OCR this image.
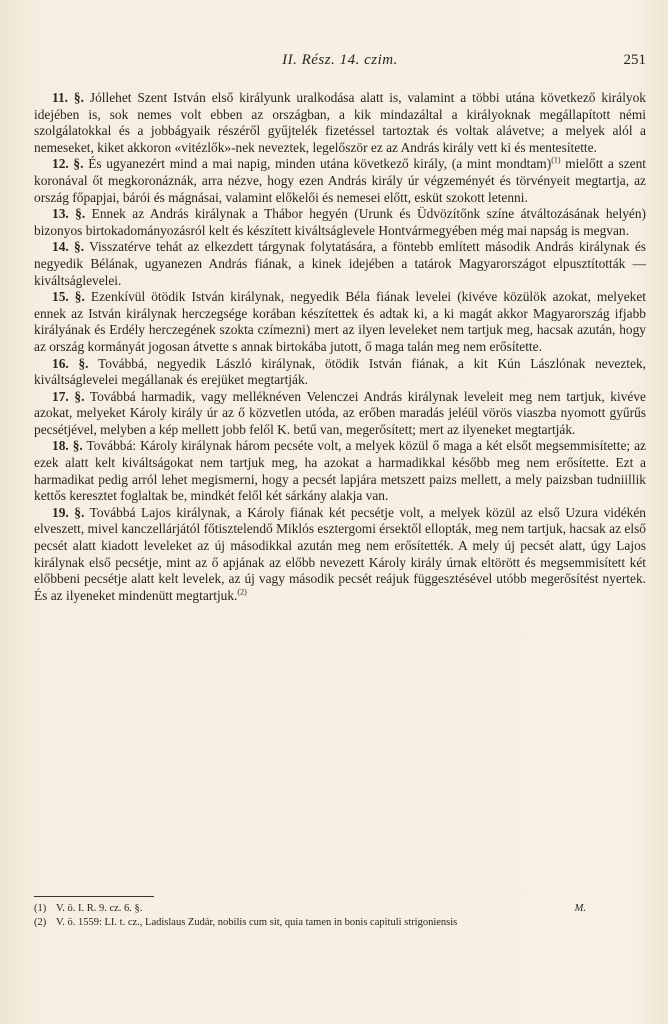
II. Rész. 14. czim.	251

11. §. Jóllehet Szent István első királyunk uralkodása alatt is, valamint a többi utána következő királyok idejében is, sok nemes volt ebben az országban, a kik mindazáltal a királyoknak megállapított némi szolgálatokkal és a jobbágyaik részéről gyűjtelék fizetéssel tartoztak és voltak alávetve; a melyek alól a nemeseket, kiket akkoron «vitézlők»-nek neveztek, legelőször ez az András király vett ki és mentesítette.

12. §. És ugyanezért mind a mai napig, minden utána következő király, (a mint mondtam)$^{(1)}$ mielőtt a szent koronával őt megkoronáznák, arra nézve, hogy ezen András király úr végzeményét és törvényeit megtartja, az ország főpapjai, bárói és mágnásai, valamint előkelői és nemesei előtt, esküt szokott letenni.

13. §. Ennek az András királynak a Thábor hegyén (Urunk és Üdvözítőnk színe átváltozásának helyén) bizonyos birtokadományozásról kelt és készített kiváltságlevele Hontvármegyében még mai napság is megvan.

14. §. Visszatérve tehát az elkezdett tárgynak folytatására, a föntebb említett második András királynak és negyedik Bélának, ugyanezen András fiának, a kinek idejében a tatárok Magyarországot elpusztították — kiváltságlevelei.

15. §. Ezenkívül ötödik István királynak, negyedik Béla fiának levelei (kivéve közülök azokat, melyeket ennek az István királynak herczegsége korában készítettek és adtak ki, a ki magát akkor Magyarország ifjabb királyának és Erdély herczegének szokta czímezni) mert az ilyen leveleket nem tartjuk meg, hacsak azután, hogy az ország kormányát jogosan átvette s annak birtokába jutott, ő maga talán meg nem erősítette.

16. §. Továbbá, negyedik László királynak, ötödik István fiának, a kit Kún Lászlónak neveztek, kiváltságlevelei megállanak és erejüket megtartják.

17. §. Továbbá harmadik, vagy melléknéven Velenczei András királynak leveleit meg nem tartjuk, kivéve azokat, melyeket Károly király úr az ő közvetlen utóda, az erőben maradás jeléül vörös viaszba nyomott gyűrűs pecsétjével, melyben a kép mellett jobb felől K. betű van, megerősített; mert az ilyeneket megtartják.

18. §. Továbbá: Károly királynak három pecséte volt, a melyek közül ő maga a két elsőt megsemmisítette; az ezek alatt kelt kiváltságokat nem tartjuk meg, ha azokat a harmadikkal később meg nem erősítette. Ezt a harmadikat pedig arról lehet megismerni, hogy a pecsét lapjára metszett paizs mellett, a mely paizsban tudniillik kettős keresztet foglaltak be, mindkét felől két sárkány alakja van.

19. §. Továbbá Lajos királynak, a Károly fiának két pecsétje volt, a melyek közül az első Uzura vidékén elveszett, mivel kanczellárjától főtisztelendő Miklós esztergomi érsektől ellopták, meg nem tartjuk, hacsak az első pecsét alatt kiadott leveleket az új másodikkal azután meg nem erősítették. A mely új pecsét alatt, úgy Lajos királynak első pecsétje, mint az ő apjának az előbb nevezett Károly király úrnak eltörött és megsemmisített két előbbeni pecsétje alatt kelt levelek, az új vagy második pecsét reájuk függesztésével utóbb megerősítést nyertek. És az ilyeneket mindenütt megtartjuk.$^{(2)}$

(1) V. ö. I. R. 9. cz. 6. §.	M.
(2) V. ö. 1559: LI. t. cz., Ladislaus Zudár, nobilis cum sit, quia tamen in bonis capituli strigoniensis
